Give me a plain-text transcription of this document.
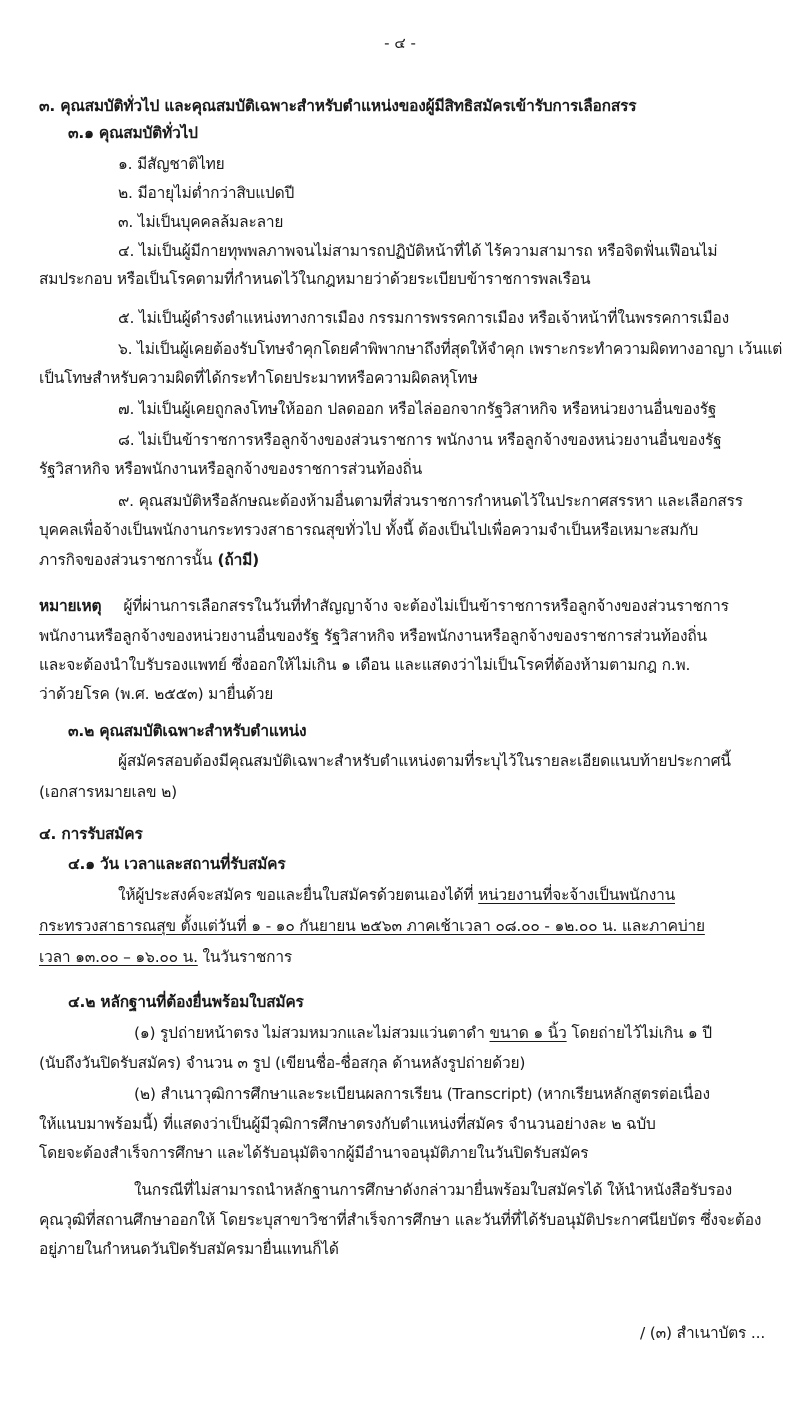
- ๔ -
๓. คุณสมบัติทั่วไป และคุณสมบัติเฉพาะสำหรับตำแหน่งของผู้มีสิทธิสมัครเข้ารับการเลือกสรร
๓.๑ คุณสมบัติทั่วไป
๑. มีสัญชาติไทย
๒. มีอายุไม่ต่ำกว่าสิบแปดปี
๓. ไม่เป็นบุคคลล้มละลาย
๔. ไม่เป็นผู้มีกายทุพพลภาพจนไม่สามารถปฏิบัติหน้าที่ได้ ไร้ความสามารถ หรือจิตฟั่นเฟือนไม่
สมประกอบ หรือเป็นโรคตามที่กำหนดไว้ในกฎหมายว่าด้วยระเบียบข้าราชการพลเรือน
๕. ไม่เป็นผู้ดำรงตำแหน่งทางการเมือง กรรมการพรรคการเมือง หรือเจ้าหน้าที่ในพรรคการเมือง
๖. ไม่เป็นผู้เคยต้องรับโทษจำคุกโดยคำพิพากษาถึงที่สุดให้จำคุก เพราะกระทำความผิดทางอาญา เว้นแต่
เป็นโทษสำหรับความผิดที่ได้กระทำโดยประมาทหรือความผิดลหุโทษ
๗. ไม่เป็นผู้เคยถูกลงโทษให้ออก ปลดออก หรือไล่ออกจากรัฐวิสาหกิจ หรือหน่วยงานอื่นของรัฐ
๘. ไม่เป็นข้าราชการหรือลูกจ้างของส่วนราชการ พนักงาน หรือลูกจ้างของหน่วยงานอื่นของรัฐ
รัฐวิสาหกิจ หรือพนักงานหรือลูกจ้างของราชการส่วนท้องถิ่น
๙. คุณสมบัติหรือลักษณะต้องห้ามอื่นตามที่ส่วนราชการกำหนดไว้ในประกาศสรรหา และเลือกสรร
บุคคลเพื่อจ้างเป็นพนักงานกระทรวงสาธารณสุขทั่วไป ทั้งนี้ ต้องเป็นไปเพื่อความจำเป็นหรือเหมาะสมกับ
ภารกิจของส่วนราชการนั้น (ถ้ามี)
หมายเหตุ ผู้ที่ผ่านการเลือกสรรในวันที่ทำสัญญาจ้าง จะต้องไม่เป็นข้าราชการหรือลูกจ้างของส่วนราชการ
พนักงานหรือลูกจ้างของหน่วยงานอื่นของรัฐ รัฐวิสาหกิจ หรือพนักงานหรือลูกจ้างของราชการส่วนท้องถิ่น
และจะต้องนำใบรับรองแพทย์ ซึ่งออกให้ไม่เกิน ๑ เดือน และแสดงว่าไม่เป็นโรคที่ต้องห้ามตามกฎ ก.พ.
ว่าด้วยโรค (พ.ศ. ๒๕๕๓) มายื่นด้วย
๓.๒ คุณสมบัติเฉพาะสำหรับตำแหน่ง
ผู้สมัครสอบต้องมีคุณสมบัติเฉพาะสำหรับตำแหน่งตามที่ระบุไว้ในรายละเอียดแนบท้ายประกาศนี้
(เอกสารหมายเลข ๒)
๔. การรับสมัคร
๔.๑ วัน เวลาและสถานที่รับสมัคร
ให้ผู้ประสงค์จะสมัคร ขอและยื่นใบสมัครด้วยตนเองได้ที่ หน่วยงานที่จะจ้างเป็นพนักงาน
กระทรวงสาธารณสุข ตั้งแต่วันที่ ๑ - ๑๐ กันยายน ๒๕๖๓ ภาคเช้าเวลา ๐๘.๐๐ - ๑๒.๐๐ น. และภาคบ่าย
เวลา ๑๓.๐๐ – ๑๖.๐๐ น. ในวันราชการ
๔.๒ หลักฐานที่ต้องยื่นพร้อมใบสมัคร
(๑) รูปถ่ายหน้าตรง ไม่สวมหมวกและไม่สวมแว่นตาดำ ขนาด ๑ นิ้ว โดยถ่ายไว้ไม่เกิน ๑ ปี
(นับถึงวันปิดรับสมัคร) จำนวน ๓ รูป (เขียนชื่อ-ชื่อสกุล ด้านหลังรูปถ่ายด้วย)
(๒) สำเนาวุฒิการศึกษาและระเบียนผลการเรียน (Transcript) (หากเรียนหลักสูตรต่อเนื่อง
ให้แนบมาพร้อมนี้) ที่แสดงว่าเป็นผู้มีวุฒิการศึกษาตรงกับตำแหน่งที่สมัคร จำนวนอย่างละ ๒ ฉบับ
โดยจะต้องสำเร็จการศึกษา และได้รับอนุมัติจากผู้มีอำนาจอนุมัติภายในวันปิดรับสมัคร
ในกรณีที่ไม่สามารถนำหลักฐานการศึกษาดังกล่าวมายื่นพร้อมใบสมัครได้ ให้นำหนังสือรับรอง
คุณวุฒิที่สถานศึกษาออกให้ โดยระบุสาขาวิชาที่สำเร็จการศึกษา และวันที่ที่ได้รับอนุมัติประกาศนียบัตร ซึ่งจะต้อง
อยู่ภายในกำหนดวันปิดรับสมัครมายื่นแทนก็ได้
/ (๓) สำเนาบัตร ...
